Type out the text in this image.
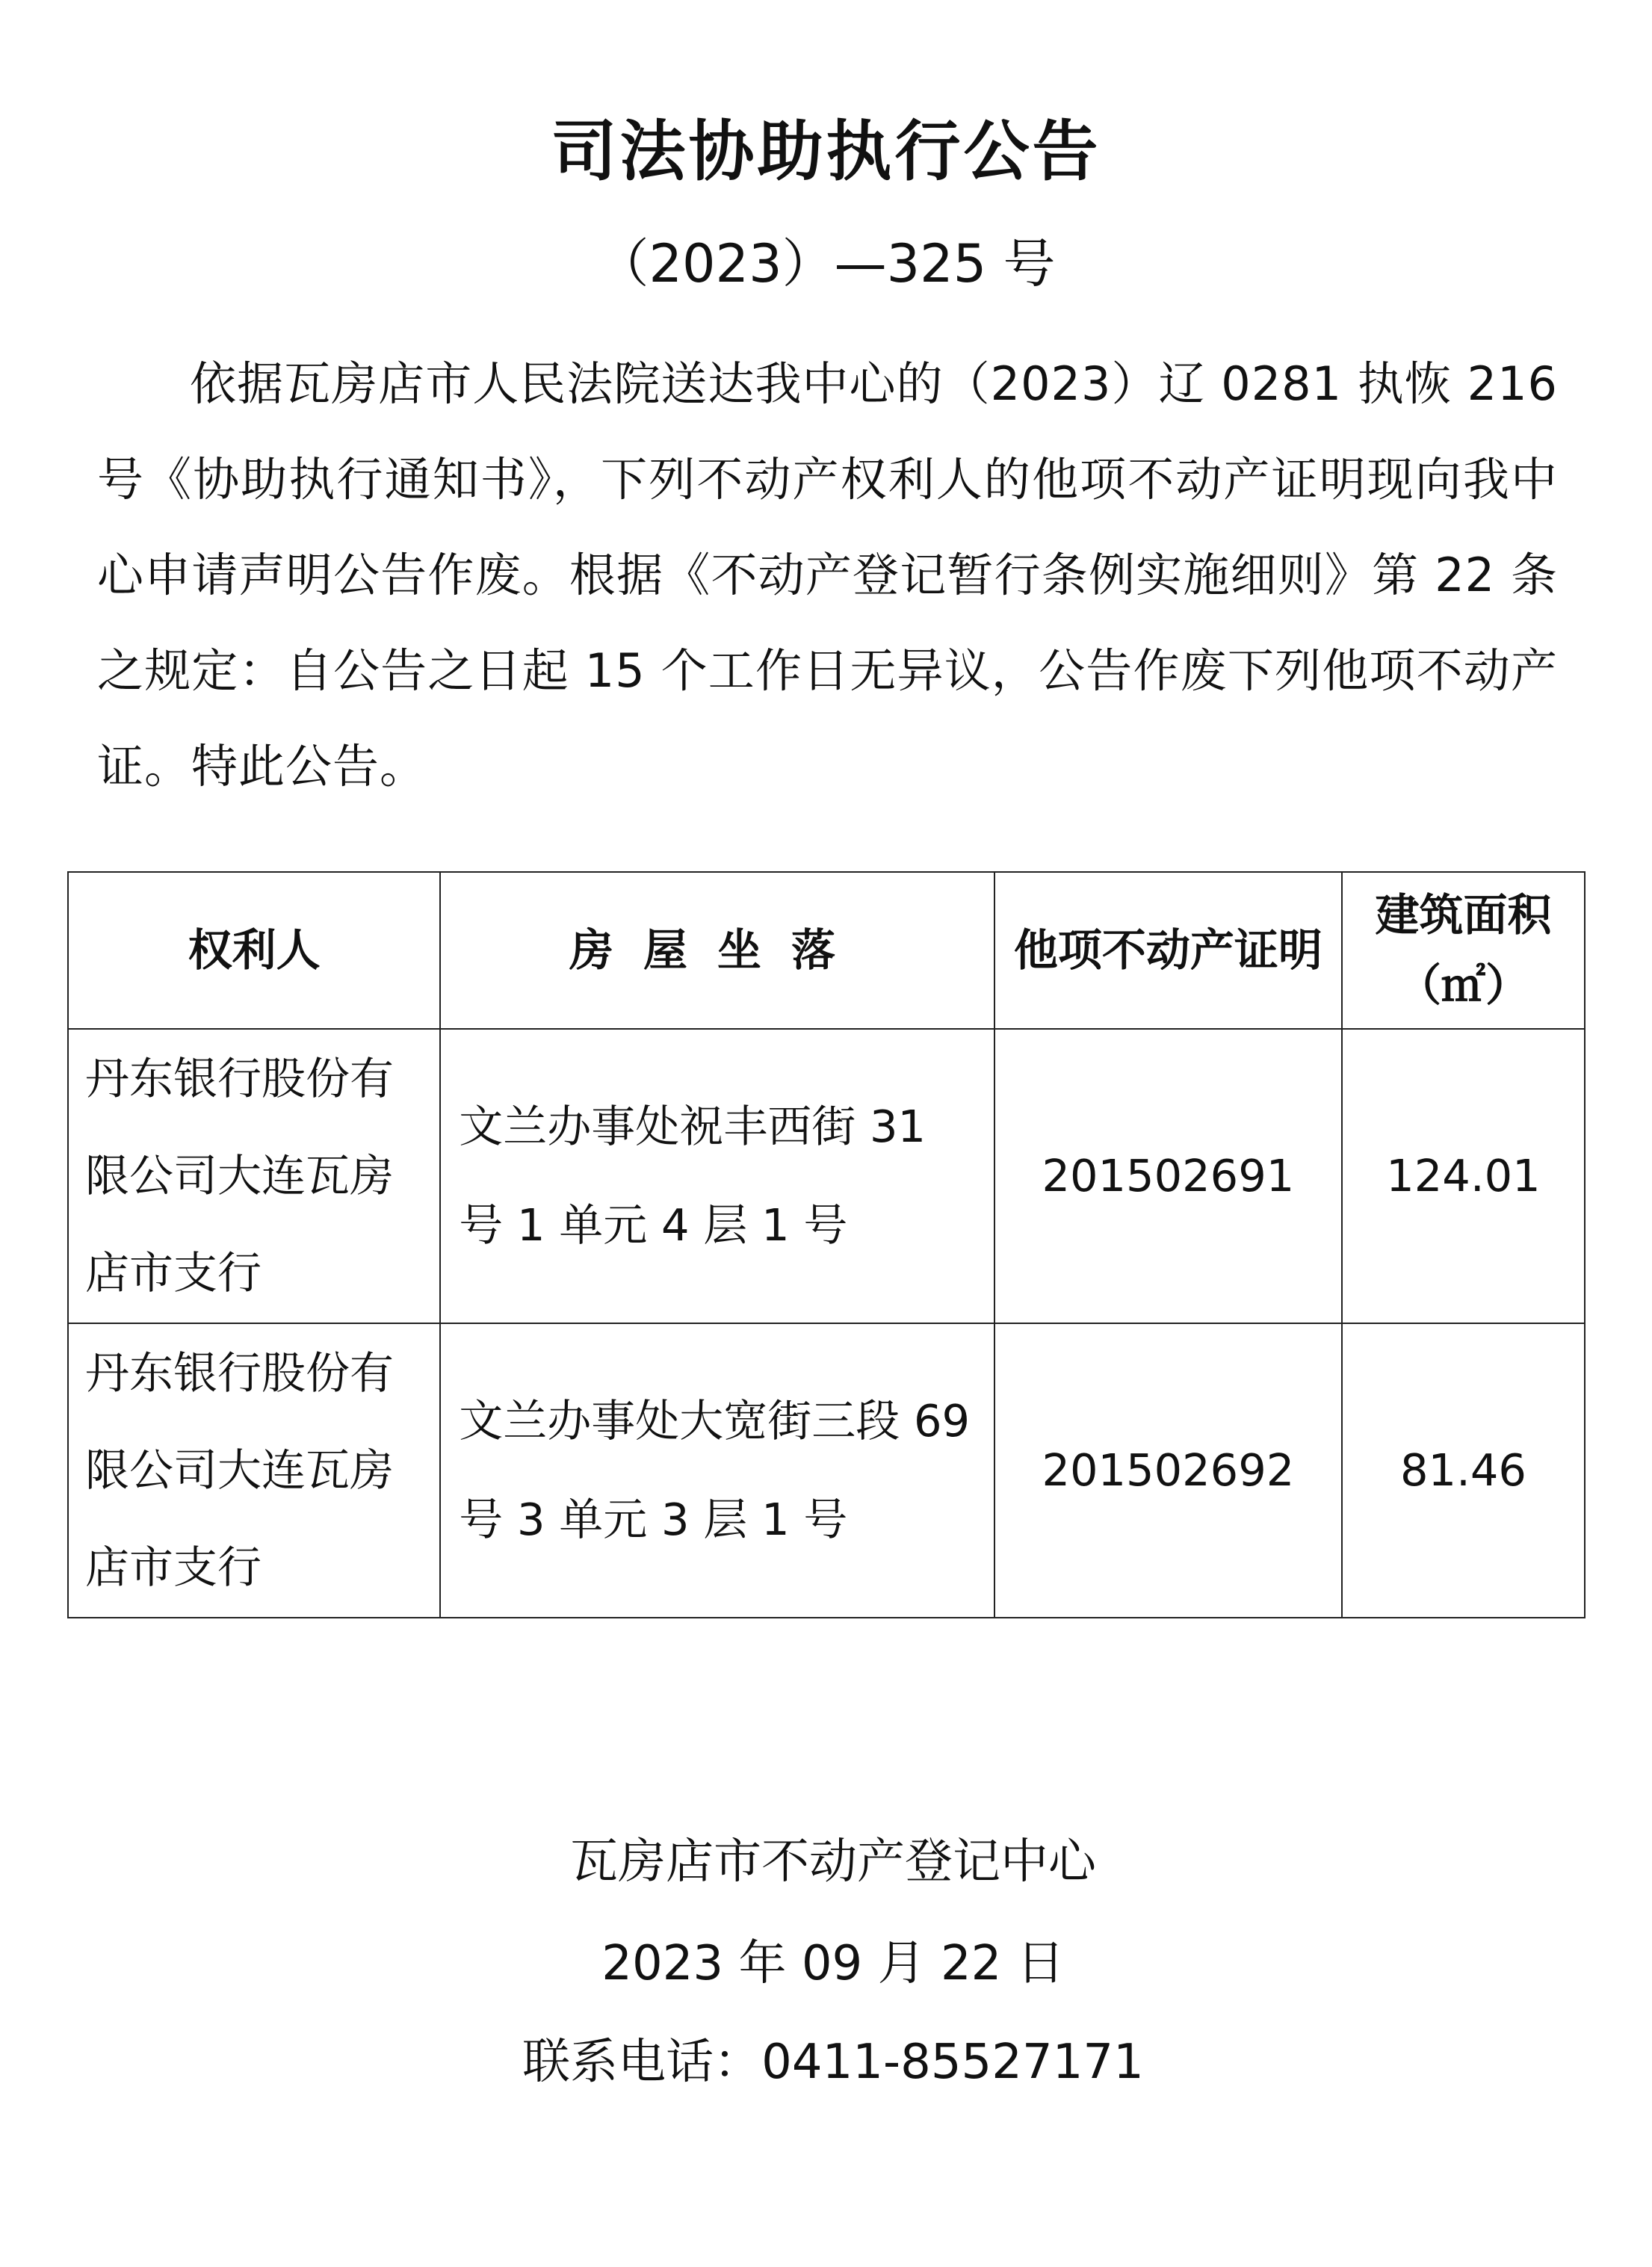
司法协助执行公告
（2023）—325 号

依据瓦房店市人民法院送达我中心的（2023）辽 0281 执恢 216 号《协助执行通知书》，下列不动产权利人的他项不动产证明现向我中心申请声明公告作废。根据《不动产登记暂行条例实施细则》第 22 条之规定：自公告之日起 15 个工作日无异议，公告作废下列他项不动产证。特此公告。

权利人	房屋坐落	他项不动产证明	建筑面积（㎡）
丹东银行股份有限公司大连瓦房店市支行	文兰办事处祝丰西街 31 号 1 单元 4 层 1 号	201502691	124.01
丹东银行股份有限公司大连瓦房店市支行	文兰办事处大宽街三段 69 号 3 单元 3 层 1 号	201502692	81.46
瓦房店市不动产登记中心
2023 年 09 月 22 日
联系电话：0411-85527171
